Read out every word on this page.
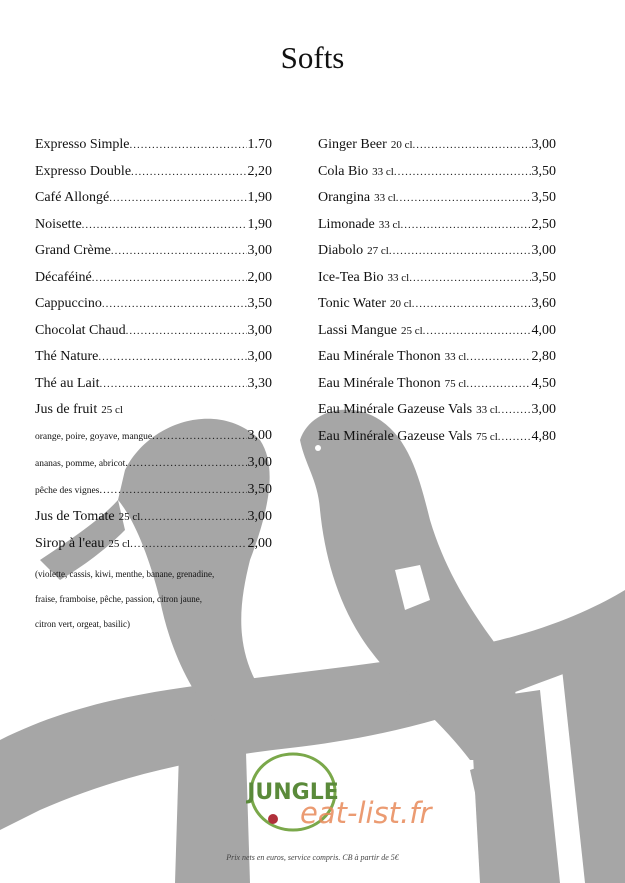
Softs
Expresso Simple .....	1.70
Expresso Double .....	2,20
Café Allongé .....	1,90
Noisette .....	1,90
Grand Crème .....	3,00
Décaféiné .....	2,00
Cappuccino .....	3,50
Chocolat Chaud .....	3,00
Thé Nature .....	3,00
Thé au Lait .....	3,30
Jus de fruit 25 cl
orange, poire, goyave, mangue .....	3,00
ananas, pomme, abricot .....	3,00
pêche des vignes .....	3,50
Jus de Tomate 25 cl .....	3,00
Sirop à l'eau 25 cl .....	2,00
(violette, cassis, kiwi, menthe, banane, grenadine,
fraise, framboise, pêche, passion, citron jaune,
citron vert, orgeat, basilic)
Ginger Beer 20 cl .....	3,00
Cola Bio 33 cl .....	3,50
Orangina 33 cl .....	3,50
Limonade 33 cl .....	2,50
Diabolo 27 cl .....	3,00
Ice-Tea Bio 33 cl .....	3,50
Tonic Water 20 cl .....	3,60
Lassi Mangue 25 cl .....	4,00
Eau Minérale Thonon 33 cl .....	2,80
Eau Minérale Thonon 75 cl .....	4,50
Eau Minérale Gazeuse Vals 33 cl ..... 3,00
Eau Minérale Gazeuse Vals 75 cl ..... 4,80
JUNGLE
eat-list.fr
Prix nets en euros, service compris. CB à partir de 5€
